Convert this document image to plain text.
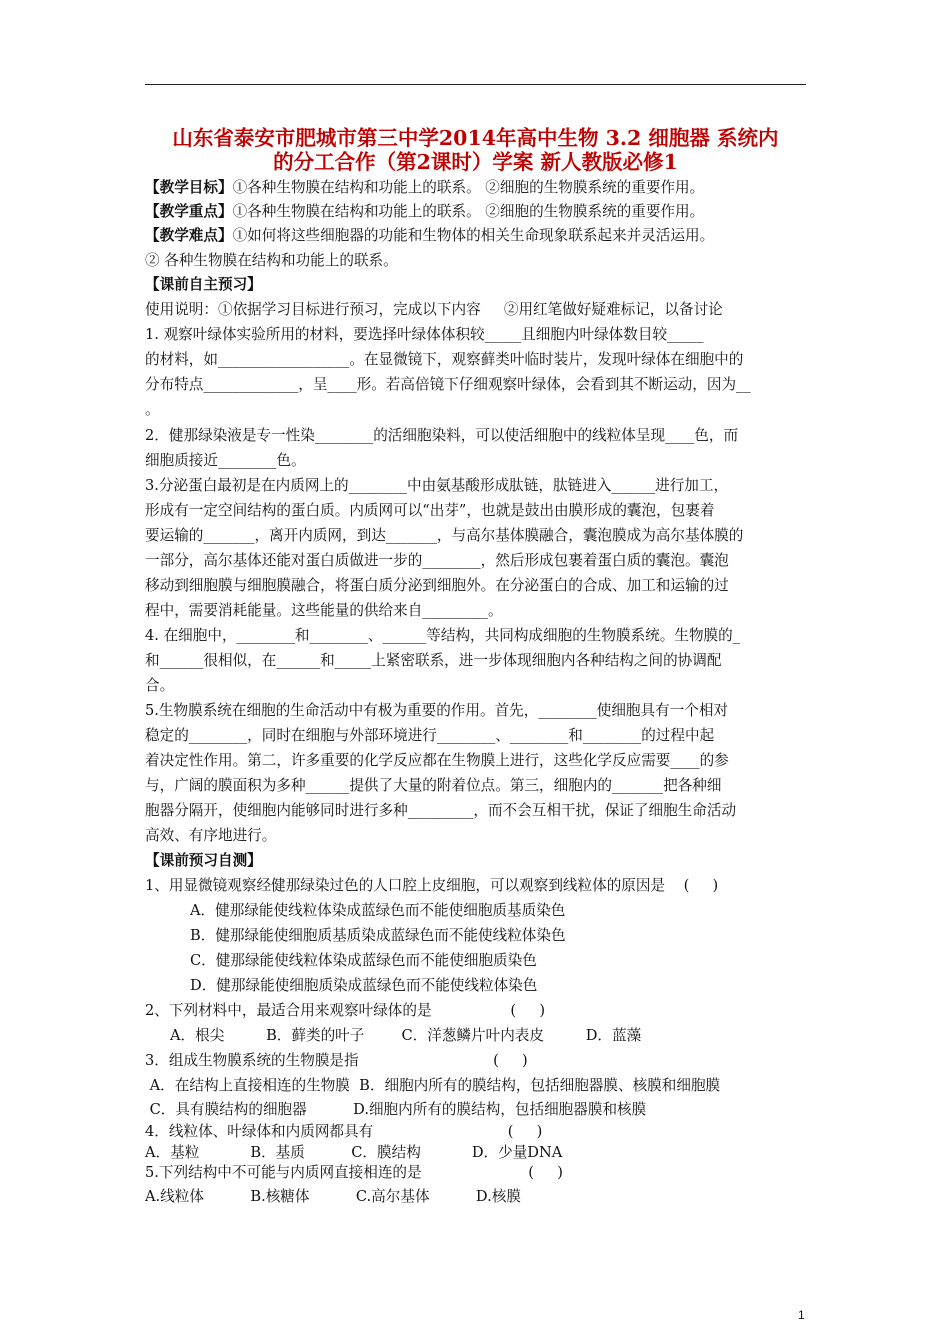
山东省泰安市肥城市第三中学2014年高中生物 3.2 细胞器 系统内
的分工合作（第2课时）学案 新人教版必修1
【教学目标】①各种生物膜在结构和功能上的联系。 ②细胞的生物膜系统的重要作用。
【教学重点】①各种生物膜在结构和功能上的联系。 ②细胞的生物膜系统的重要作用。
【教学难点】①如何将这些细胞器的功能和生物体的相关生命现象联系起来并灵活运用。
② 各种生物膜在结构和功能上的联系。
【课前自主预习】
使用说明：①依据学习目标进行预习，完成以下内容     ②用红笔做好疑难标记，以备讨论
1. 观察叶绿体实验所用的材料，要选择叶绿体体积较_____且细胞内叶绿体数目较_____
的材料，如__________________。在显微镜下，观察藓类叶临时装片，发现叶绿体在细胞中的
分布特点_____________，呈____形。若高倍镜下仔细观察叶绿体，会看到其不断运动，因为__
。
2．健那绿染液是专一性染________的活细胞染料，可以使活细胞中的线粒体呈现____色，而
细胞质接近________色。
3.分泌蛋白最初是在内质网上的________中由氨基酸形成肽链，肽链进入______进行加工，
形成有一定空间结构的蛋白质。内质网可以“出芽”，也就是鼓出由膜形成的囊泡，包裹着
要运输的_______，离开内质网，到达_______，与高尔基体膜融合，囊泡膜成为高尔基体膜的
一部分，高尔基体还能对蛋白质做进一步的________，然后形成包裹着蛋白质的囊泡。囊泡
移动到细胞膜与细胞膜融合，将蛋白质分泌到细胞外。在分泌蛋白的合成、加工和运输的过
程中，需要消耗能量。这些能量的供给来自_________。
4. 在细胞中，________和________、______等结构，共同构成细胞的生物膜系统。生物膜的_
和______很相似，在______和_____上紧密联系，进一步体现细胞内各种结构之间的协调配
合。
5.生物膜系统在细胞的生命活动中有极为重要的作用。首先，________使细胞具有一个相对
稳定的________，同时在细胞与外部环境进行________、________和________的过程中起
着决定性作用。第二，许多重要的化学反应都在生物膜上进行，这些化学反应需要____的参
与，广阔的膜面积为多种______提供了大量的附着位点。第三，细胞内的_______把各种细
胞器分隔开，使细胞内能够同时进行多种_________，而不会互相干扰，保证了细胞生命活动
高效、有序地进行。
【课前预习自测】
1、用显微镜观察经健那绿染过色的人口腔上皮细胞，可以观察到线粒体的原因是    (     )
A．健那绿能使线粒体染成蓝绿色而不能使细胞质基质染色
B．健那绿能使细胞质基质染成蓝绿色而不能使线粒体染色
C．健那绿能使线粒体染成蓝绿色而不能使细胞质染色
D．健那绿能使细胞质染成蓝绿色而不能使线粒体染色
2、下列材料中，最适合用来观察叶绿体的是                 (     )
A．根尖         B．藓类的叶子        C．洋葱鳞片叶内表皮         D．蓝藻
3．组成生物膜系统的生物膜是指                             (     )
A．在结构上直接相连的生物膜  B．细胞内所有的膜结构，包括细胞器膜、核膜和细胞膜
C．具有膜结构的细胞器          D.细胞内所有的膜结构，包括细胞器膜和核膜
4．线粒体、叶绿体和内质网都具有                             (     )
A．基粒           B．基质          C．膜结构           D．少量DNA
5.下列结构中不可能与内质网直接相连的是                       (     )
A.线粒体          B.核糖体          C.高尔基体          D.核膜
1
